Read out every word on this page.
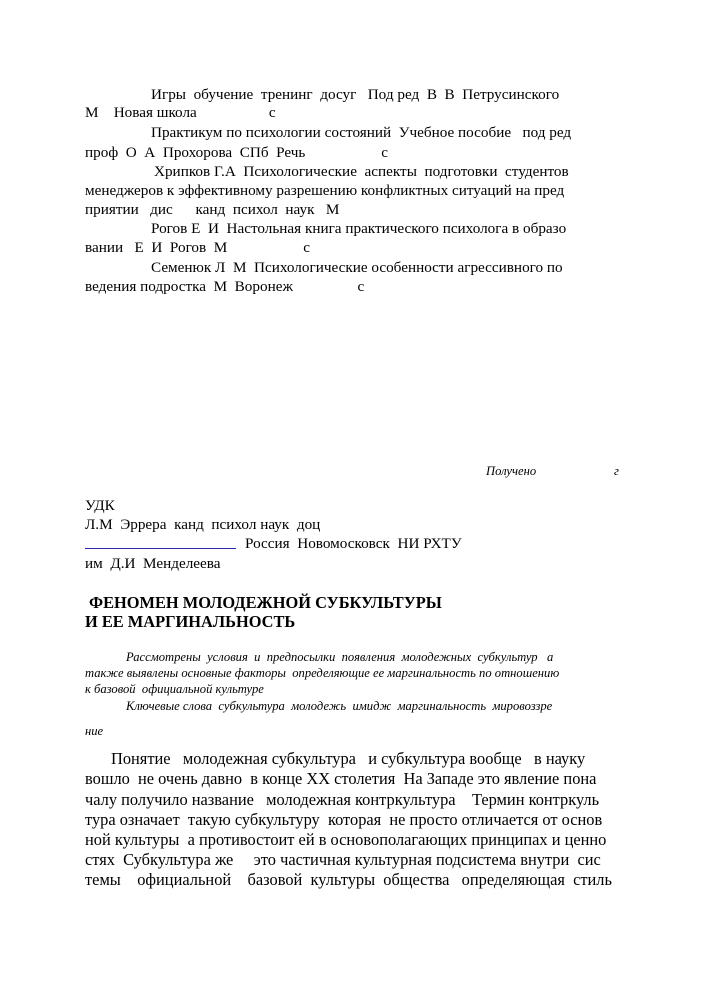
Игры  обучение  тренинг  досуг   Под ред  В  В  Петрусинского
М    Новая школа                   с
Практикум по психологии состояний  Учебное пособие   под ред
проф  О  А  Прохорова  СПб  Речь                    с
Хрипков Г.А  Психологические  аспекты  подготовки  студентов
менеджеров к эффективному разрешению конфликтных ситуаций на пред
приятии   дис      канд  психол  наук   М
Рогов Е  И  Настольная книга практического психолога в образо
вании   Е  И  Рогов  М                    с
Семенюк Л  М  Психологические особенности агрессивного по
ведения подростка  М  Воронеж                 с
Получено	г
УДК
Л.М  Эррера  канд  психол наук  доц
Россия  Новомосковск  НИ РХТУ
им  Д.И  Менделеева
ФЕНОМЕН МОЛОДЕЖНОЙ СУБКУЛЬТУРЫ
И ЕЕ МАРГИНАЛЬНОСТЬ
Рассмотрены  условия  и  предпосылки  появления  молодежных  субкультур   а
также выявлены основные факторы  определяющие ее маргинальность по отношению
к базовой  официальной культуре
Ключевые слова  субкультура  молодежь  имидж  маргинальность  мировоззре
ние
Понятие   молодежная субкультура   и субкультура вообще   в науку
вошло  не очень давно  в конце XX столетия  На Западе это явление пона
чалу получило название   молодежная контркультура    Термин контркуль
тура означает  такую субкультуру  которая  не просто отличается от основ
ной культуры  а противостоит ей в основополагающих принципах и ценно
стях  Субкультура же     это частичная культурная подсистема внутри  сис
темы    официальной    базовой  культуры  общества   определяющая  стиль
